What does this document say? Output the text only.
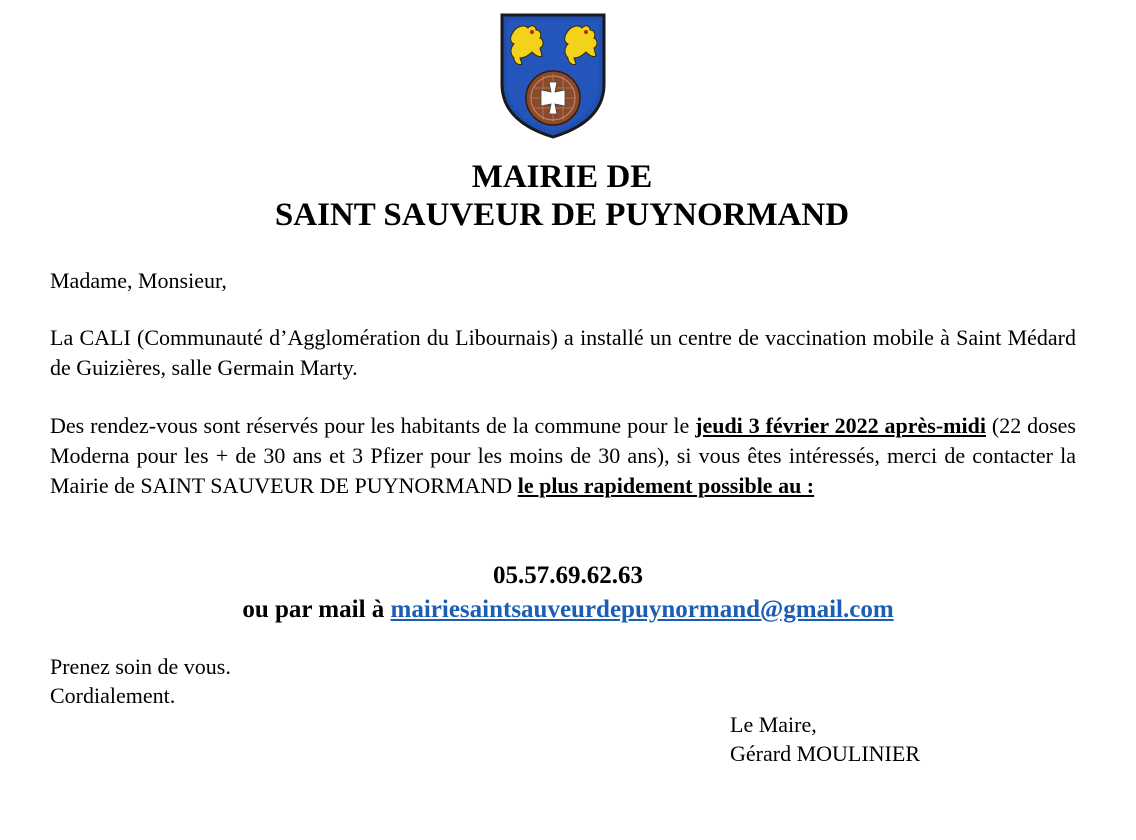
MAIRIE DE
SAINT SAUVEUR DE PUYNORMAND
Madame, Monsieur,
La CALI (Communauté d’Agglomération du Libournais) a installé un centre de vaccination mobile à Saint Médard de Guizières, salle Germain Marty.
Des rendez-vous sont réservés pour les habitants de la commune pour le jeudi 3 février 2022 après-midi (22 doses Moderna pour les + de 30 ans et 3 Pfizer pour les moins de 30 ans), si vous êtes intéressés, merci de contacter la Mairie de SAINT SAUVEUR DE PUYNORMAND le plus rapidement possible au :
05.57.69.62.63
ou par mail à mairiesaintsauveurdepuynormand@gmail.com
Prenez soin de vous.
Cordialement.
Le Maire,
Gérard MOULINIER
